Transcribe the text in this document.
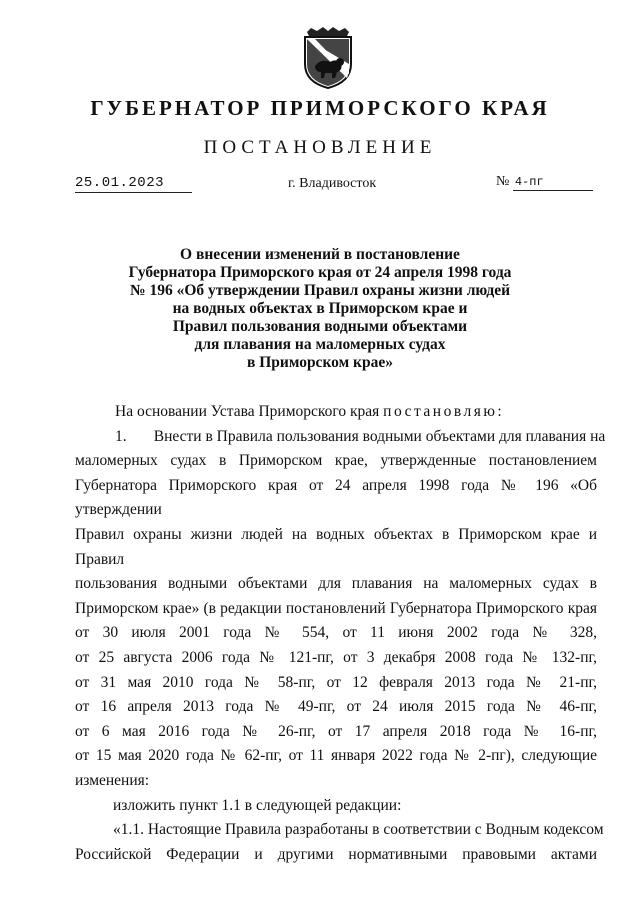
ГУБЕРНАТОР ПРИМОРСКОГО КРАЯ
ПОСТАНОВЛЕНИЕ
25.01.2023	г. Владивосток	№ 4-пг
О внесении изменений в постановление
Губернатора Приморского края от 24 апреля 1998 года
№ 196 «Об утверждении Правил охраны жизни людей
на водных объектах в Приморском крае и
Правил пользования водными объектами
для плавания на маломерных судах
в Приморском крае»
На основании Устава Приморского края постановляю:
1. Внести в Правила пользования водными объектами для плавания на
маломерных судах в Приморском крае, утвержденные постановлением
Губернатора Приморского края от 24 апреля 1998 года № 196 «Об утверждении
Правил охраны жизни людей на водных объектах в Приморском крае и Правил
пользования водными объектами для плавания на маломерных судах в
Приморском крае» (в редакции постановлений Губернатора Приморского края
от 30 июля 2001 года № 554, от 11 июня 2002 года № 328,
от 25 августа 2006 года № 121-пг, от 3 декабря 2008 года № 132-пг,
от 31 мая 2010 года № 58-пг, от 12 февраля 2013 года № 21-пг,
от 16 апреля 2013 года № 49-пг, от 24 июля 2015 года № 46-пг,
от 6 мая 2016 года № 26-пг, от 17 апреля 2018 года № 16-пг,
от 15 мая 2020 года № 62-пг, от 11 января 2022 года № 2-пг), следующие
изменения:
изложить пункт 1.1 в следующей редакции:
«1.1. Настоящие Правила разработаны в соответствии с Водным кодексом
Российской Федерации и другими нормативными правовыми актами
